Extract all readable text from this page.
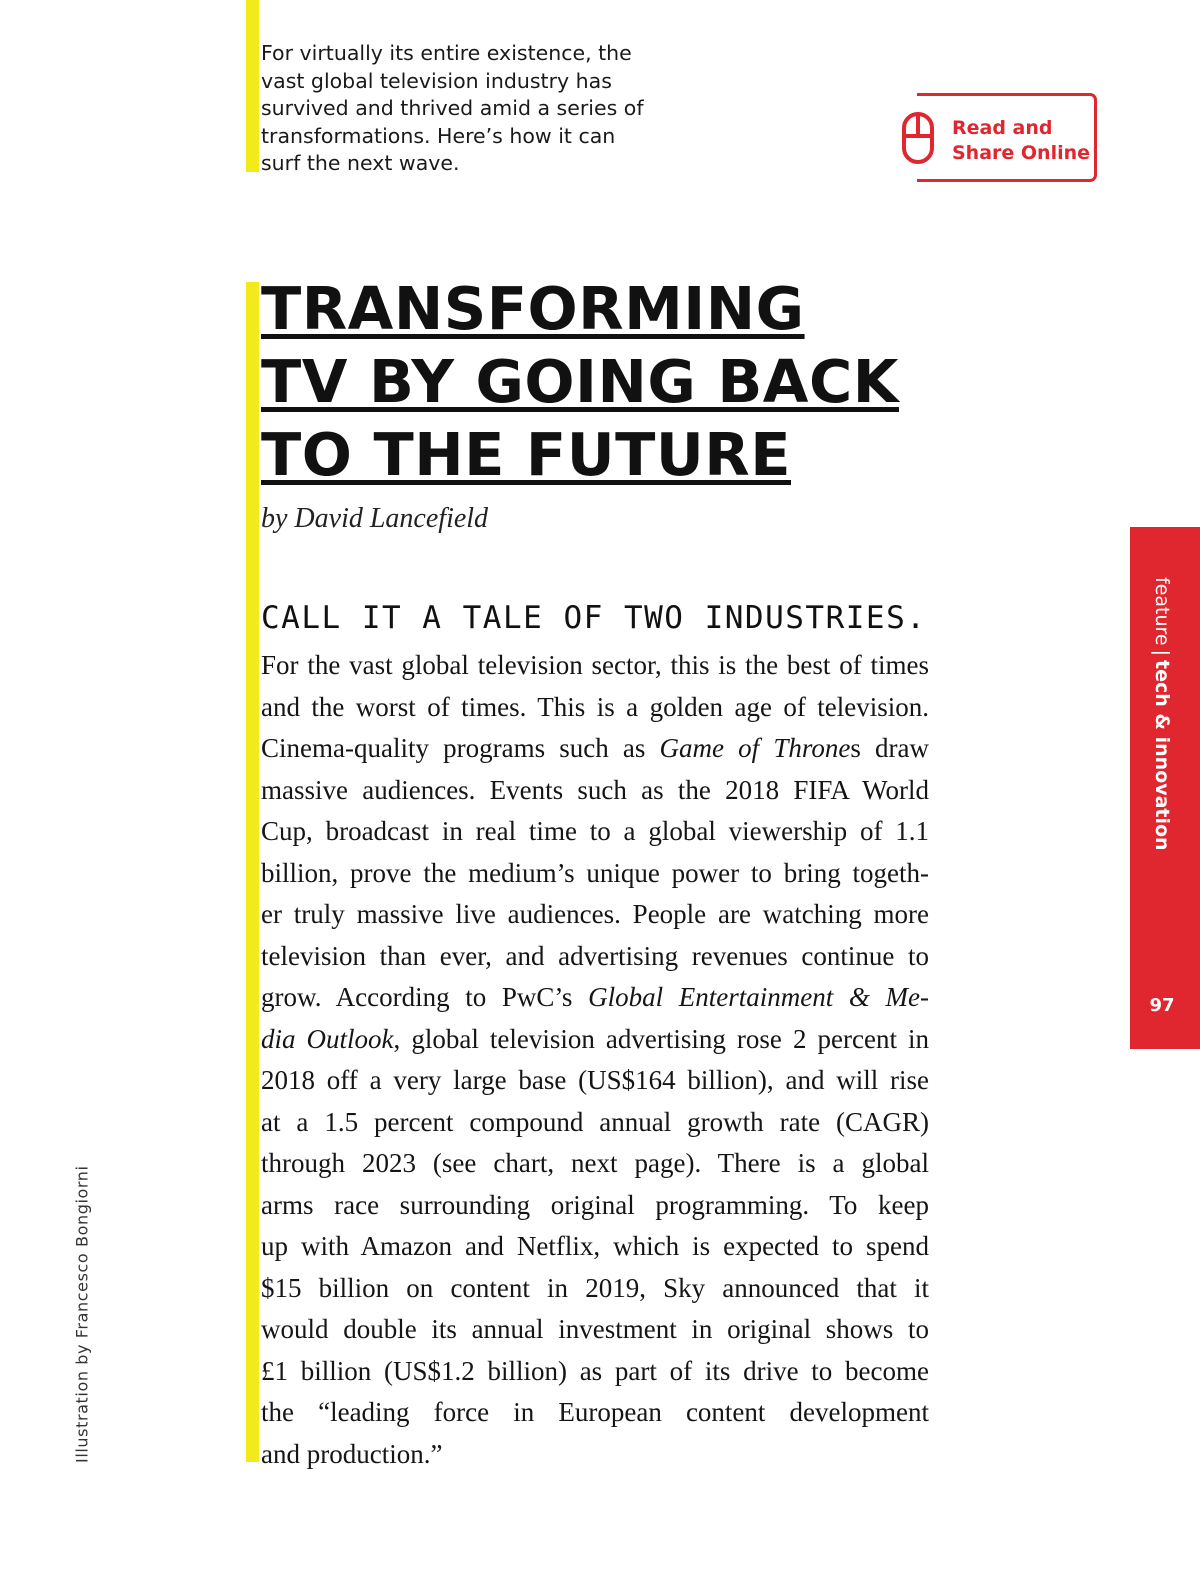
For virtually its entire existence, the
vast global television industry has
survived and thrived amid a series of
transformations. Here’s how it can
surf the next wave.
Read and
Share Online
TRANSFORMING
TV BY GOING BACK
TO THE FUTURE

by David Lancefield

CALL IT A TALE OF TWO INDUSTRIES.

For the vast global television sector, this is the best of times
and the worst of times. This is a golden age of television.
Cinema-quality programs such as Game of Thrones draw
massive audiences. Events such as the 2018 FIFA World
Cup, broadcast in real time to a global viewership of 1.1
billion, prove the medium’s unique power to bring togeth-
er truly massive live audiences. People are watching more
television than ever, and advertising revenues continue to
grow. According to PwC’s Global Entertainment & Me-
dia Outlook, global television advertising rose 2 percent in
2018 off a very large base (US$164 billion), and will rise
at a 1.5 percent compound annual growth rate (CAGR)
through 2023 (see chart, next page). There is a global
arms race surrounding original programming. To keep
up with Amazon and Netflix, which is expected to spend
$15 billion on content in 2019, Sky announced that it
would double its annual investment in original shows to
£1 billion (US$1.2 billion) as part of its drive to become
the “leading force in European content development
and production.”
feature|tech & innovation
97
Illustration by Francesco Bongiorni
